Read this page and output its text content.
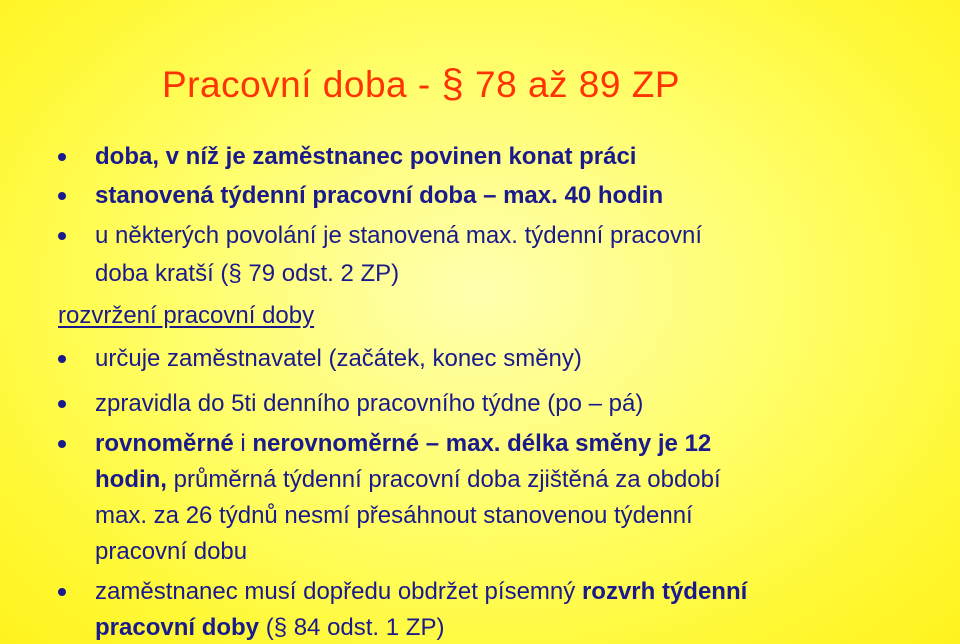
Pracovní doba - § 78 až 89 ZP
doba, v níž je zaměstnanec povinen konat práci
stanovená týdenní pracovní doba – max. 40 hodin
u některých povolání je stanovená max. týdenní pracovní
doba kratší (§ 79 odst. 2 ZP)
rozvržení pracovní doby
určuje zaměstnavatel (začátek, konec směny)
zpravidla do 5ti denního pracovního týdne (po – pá)
rovnoměrné i nerovnoměrné – max. délka směny je 12
hodin, průměrná týdenní pracovní doba zjištěná za období
max. za 26 týdnů nesmí přesáhnout stanovenou týdenní
pracovní dobu
zaměstnanec musí dopředu obdržet písemný rozvrh týdenní
pracovní doby (§ 84 odst. 1 ZP)
